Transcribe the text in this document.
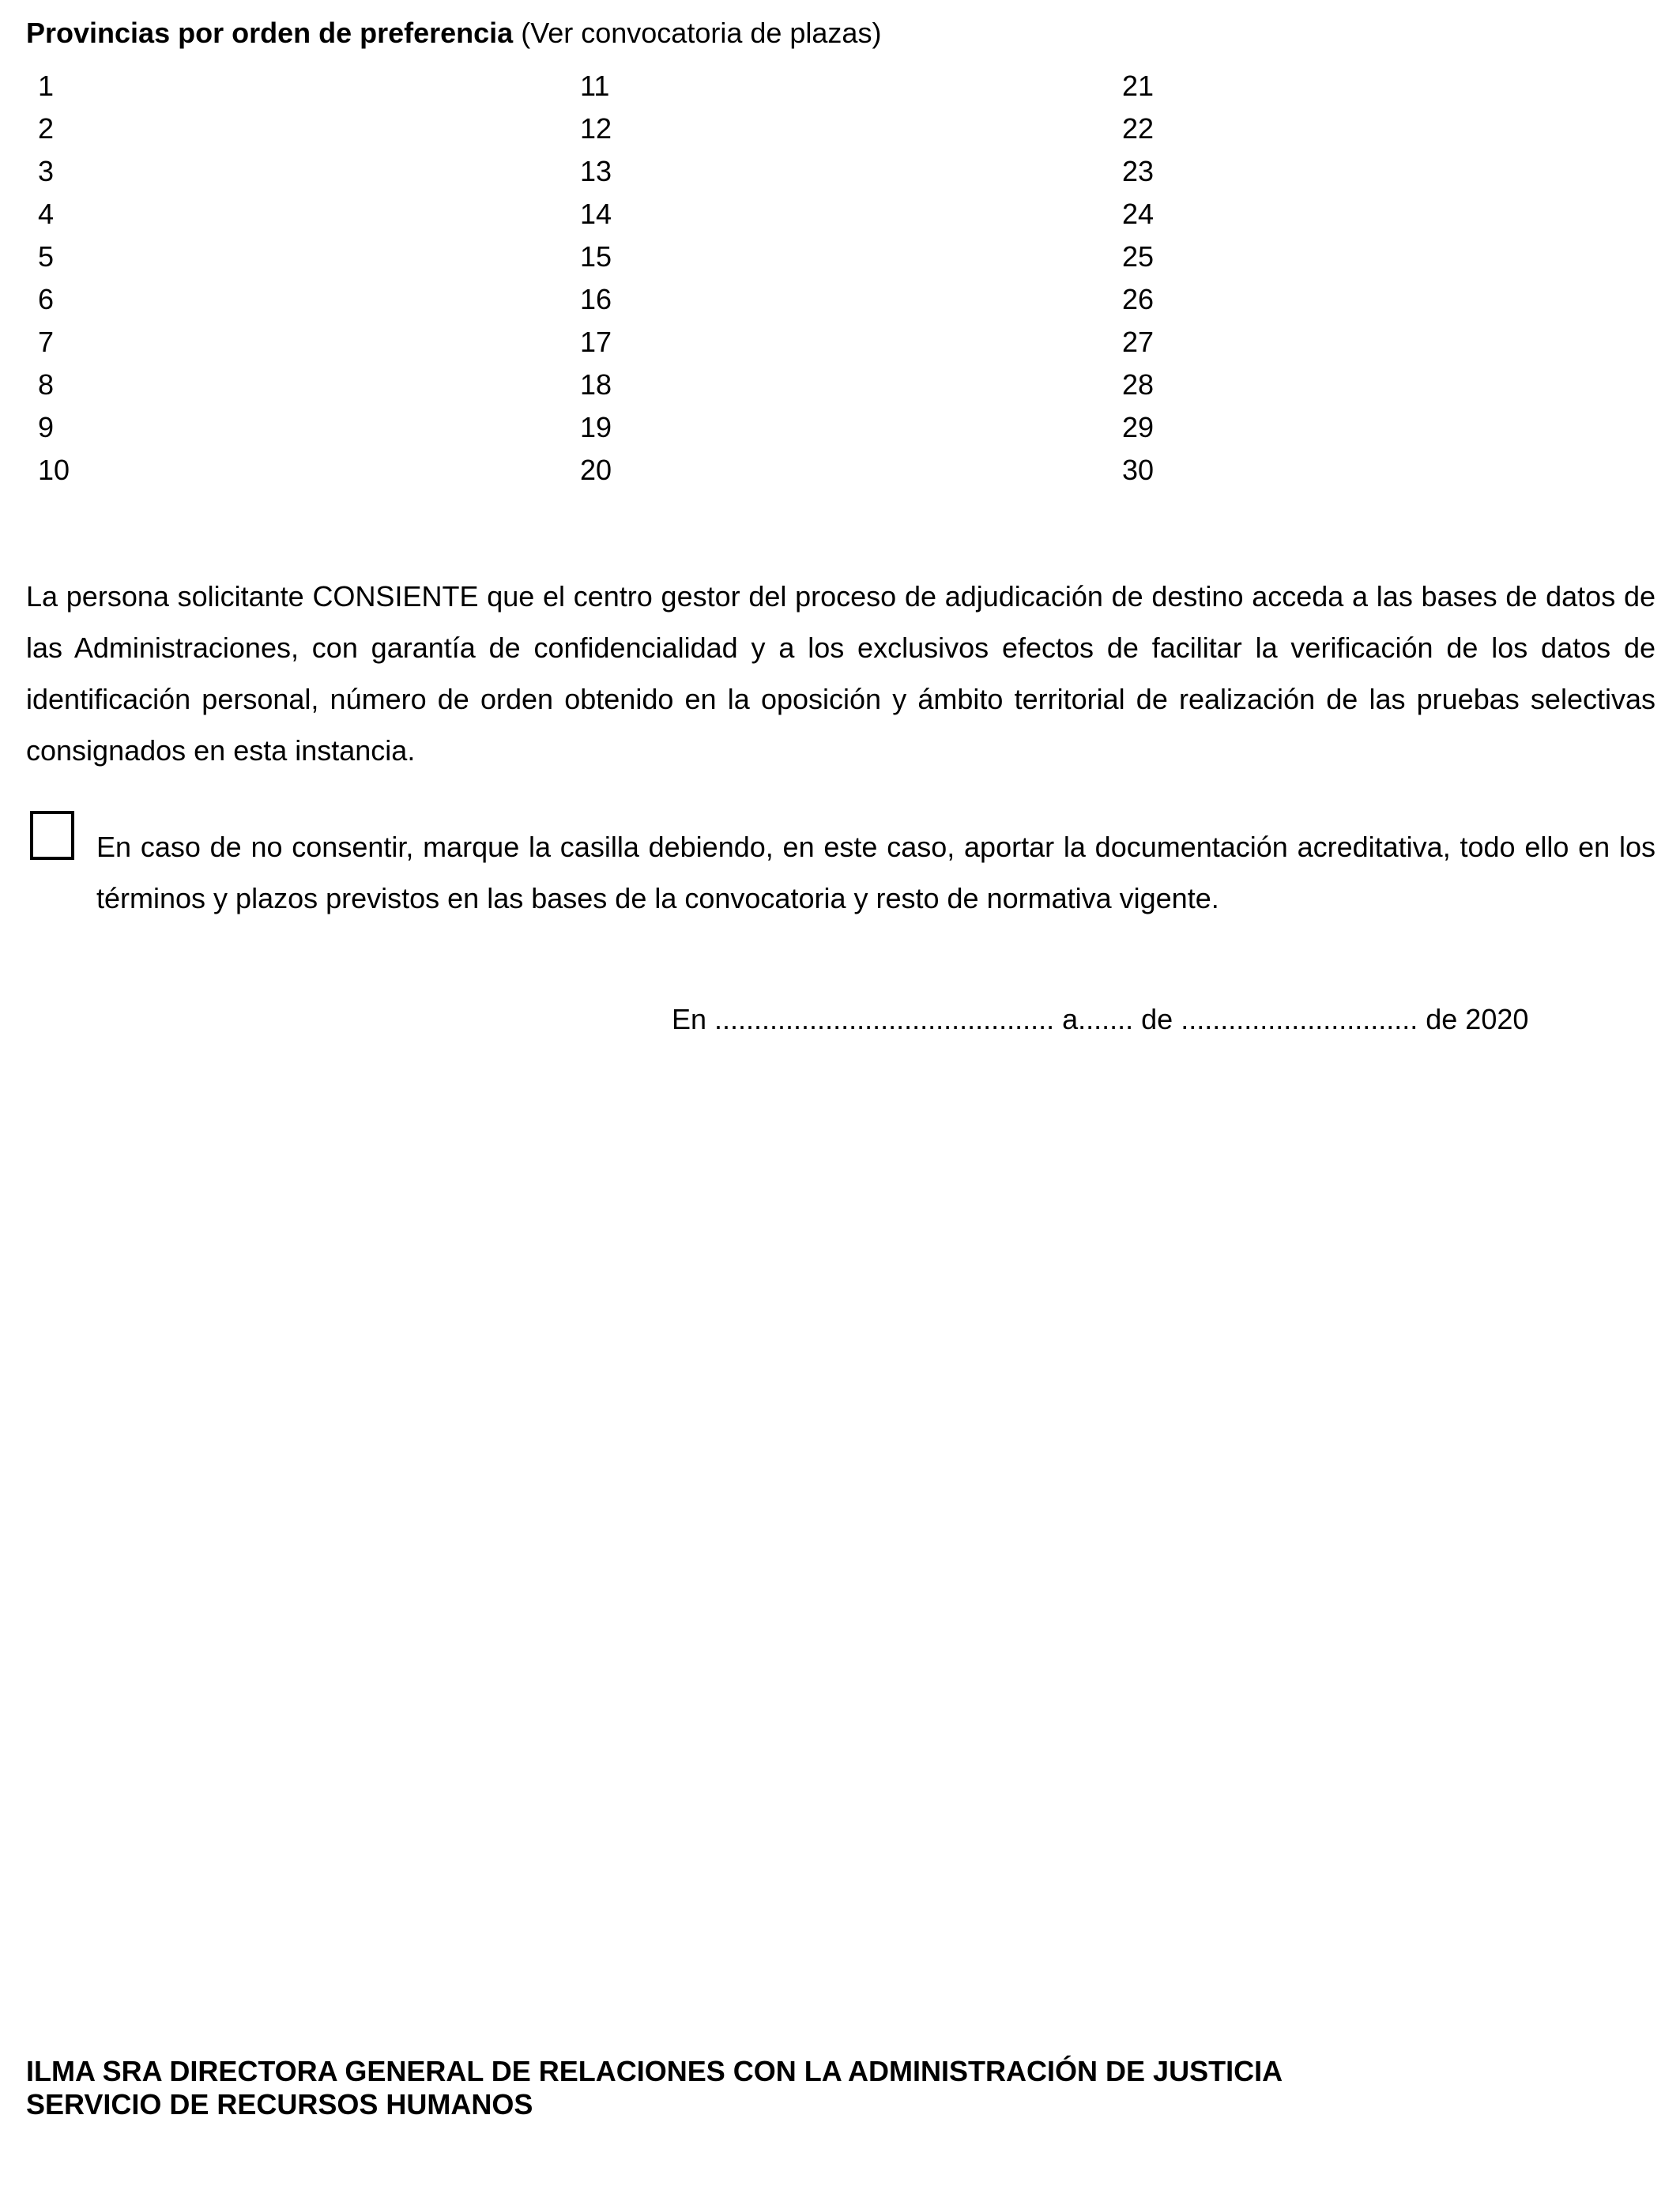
Provincias por orden de preferencia (Ver convocatoria de plazas)
1
2
3
4
5
6
7
8
9
10
11
12
13
14
15
16
17
18
19
20
21
22
23
24
25
26
27
28
29
30

La persona solicitante CONSIENTE que el centro gestor del proceso de adjudicación de destino acceda a las bases de datos de las Administraciones, con garantía de confidencialidad y a los exclusivos efectos de facilitar la verificación de los datos de identificación personal, número de orden obtenido en la oposición y ámbito territorial de realización de las pruebas selectivas consignados en esta instancia.

En caso de no consentir, marque la casilla debiendo, en este caso, aportar la documentación acreditativa, todo ello en los términos y plazos previstos en las bases de la convocatoria y resto de normativa vigente.

En ........................................... a....... de .............................. de 2020
ILMA SRA DIRECTORA GENERAL DE RELACIONES CON LA ADMINISTRACIÓN DE JUSTICIA
SERVICIO DE RECURSOS HUMANOS
